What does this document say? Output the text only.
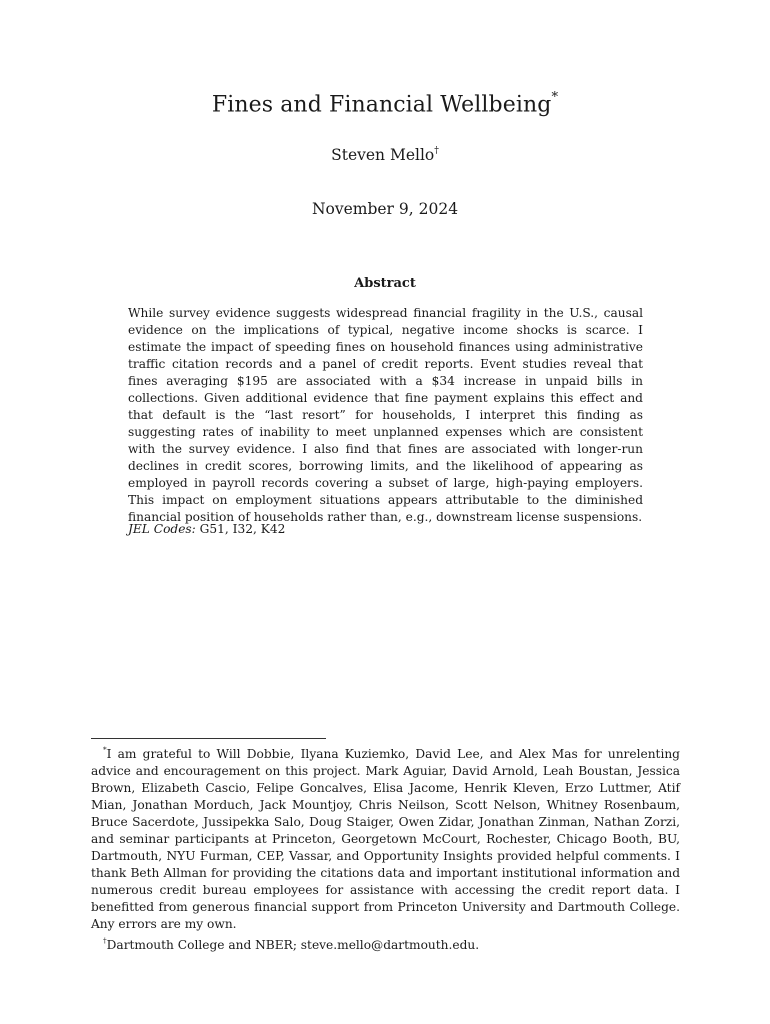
Fines and Financial Wellbeing*
Steven Mello†
November 9, 2024
Abstract

While survey evidence suggests widespread financial fragility in the U.S., causal evidence on the implications of typical, negative income shocks is scarce. I estimate the impact of speeding fines on household finances using administrative traffic citation records and a panel of credit reports. Event studies reveal that fines averaging $195 are associated with a $34 increase in unpaid bills in collections. Given additional evidence that fine payment explains this effect and that default is the “last resort” for households, I interpret this finding as suggesting rates of inability to meet unplanned expenses which are consistent with the survey evidence. I also find that fines are associated with longer-run declines in credit scores, borrowing limits, and the likelihood of appearing as employed in payroll records covering a subset of large, high-paying employers. This impact on employment situations appears attributable to the diminished financial position of households rather than, e.g., downstream license suspensions.

JEL Codes: G51, I32, K42

*I am grateful to Will Dobbie, Ilyana Kuziemko, David Lee, and Alex Mas for unrelenting advice and encouragement on this project. Mark Aguiar, David Arnold, Leah Boustan, Jessica Brown, Elizabeth Cascio, Felipe Goncalves, Elisa Jacome, Henrik Kleven, Erzo Luttmer, Atif Mian, Jonathan Morduch, Jack Mountjoy, Chris Neilson, Scott Nelson, Whitney Rosenbaum, Bruce Sacerdote, Jussipekka Salo, Doug Staiger, Owen Zidar, Jonathan Zinman, Nathan Zorzi, and seminar participants at Princeton, Georgetown McCourt, Rochester, Chicago Booth, BU, Dartmouth, NYU Furman, CEP, Vassar, and Opportunity Insights provided helpful comments. I thank Beth Allman for providing the citations data and important institutional information and numerous credit bureau employees for assistance with accessing the credit report data. I benefitted from generous financial support from Princeton University and Dartmouth College. Any errors are my own.

†Dartmouth College and NBER; steve.mello@dartmouth.edu.
